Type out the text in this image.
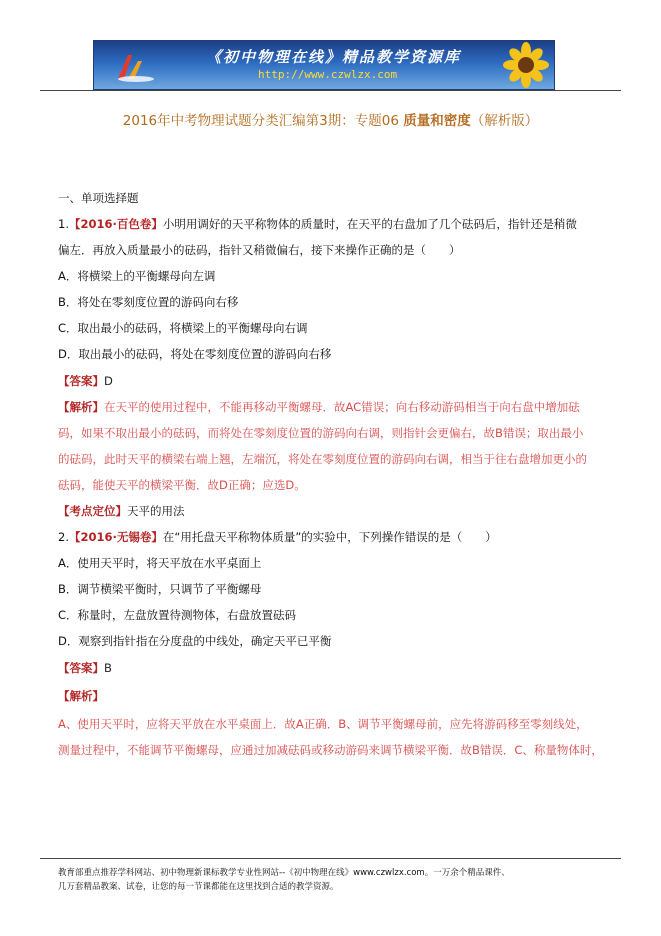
《初中物理在线》精品教学资源库
http://www.czwlzx.com
2016年中考物理试题分类汇编第3期：专题06 质量和密度（解析版）
一、单项选择题
1.【2016·百色卷】小明用调好的天平称物体的质量时，在天平的右盘加了几个砝码后，指针还是稍微
偏左．再放入质量最小的砝码，指针又稍微偏右，接下来操作正确的是（　　）
A．将横梁上的平衡螺母向左调
B．将处在零刻度位置的游码向右移
C．取出最小的砝码，将横梁上的平衡螺母向右调
D．取出最小的砝码，将处在零刻度位置的游码向右移
【答案】D
【解析】在天平的使用过程中，不能再移动平衡螺母．故AC错误；向右移动游码相当于向右盘中增加砝
码，如果不取出最小的砝码，而将处在零刻度位置的游码向右调，则指针会更偏右，故B错误；取出最小
的砝码，此时天平的横梁右端上翘，左端沉，将处在零刻度位置的游码向右调，相当于往右盘增加更小的
砝码，能使天平的横梁平衡．故D正确；应选D。
【考点定位】天平的用法
2.【2016·无锡卷】在“用托盘天平称物体质量”的实验中，下列操作错误的是（　　）
A．使用天平时，将天平放在水平桌面上
B．调节横梁平衡时，只调节了平衡螺母
C．称量时，左盘放置待测物体，右盘放置砝码
D．观察到指针指在分度盘的中线处，确定天平已平衡
【答案】B
【解析】
A、使用天平时，应将天平放在水平桌面上．故A正确．B、调节平衡螺母前，应先将游码移至零刻线处，
测量过程中，不能调节平衡螺母，应通过加减砝码或移动游码来调节横梁平衡．故B错误．C、称量物体时，
教育部重点推荐学科网站、初中物理新课标教学专业性网站--《初中物理在线》www.czwlzx.com。一万余个精品课件、
几万套精品教案、试卷，让您的每一节课都能在这里找到合适的教学资源。
